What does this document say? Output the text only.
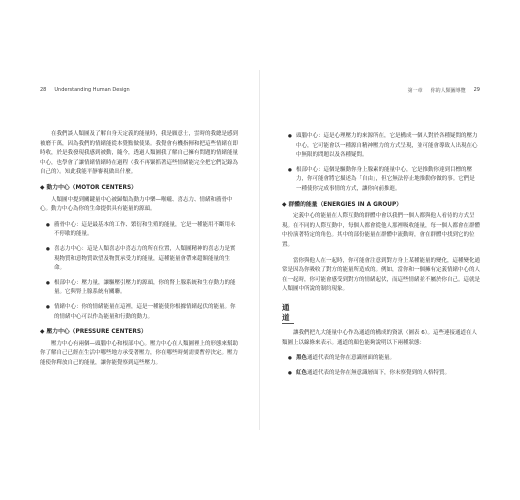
28 Understanding Human Design

在我們談人類圖及了解自身天定義的能量時，我是願意士，雲時的我總是感到被磨千萬，因為我們的情緒能從本覺點做使果。我覺會有機指揮和把這些情緒在即時收，於是我發現我感到被動，隨今，透過人類圖我了解自己擁有問題的情緒能量中心，也學會了讓情緒情緒時在過程（我不再緊抓著這些情緒能完全把它們記錄為自己的）。知此我能平靜審視做出什麼。

◆ 動力中心（MOTOR CENTERS）

人類圖中提到關鍵量中心被歸類為動力中樂—喉嚨、喜志力、情緒和薦骨中心。動力中心為你的生命提供具有能量的源頭。

● 薦骨中心：這是最基本的工作、繁衍和生殖的能量，它是一種能用不斷用永不停歇的能量。
● 喜志力中心：這是人類喜志中喜志力的所在位置，人類圖精神的喜志力是實現物質和意物質欲望及物質承受力的能量，這種能量會帶來超額能量的生命。
● 根部中心：壓力量，讓驅壓引壓力的源頭，你的腎上腺系統和生存動力的能量。它與腎上腺系統有關聯。
● 情緒中心：你的情緒能量在這裡，這是一種能使你根據情緒起伏的能量。你的情緒中心可以作為能量和行動的動力。
◆ 壓力中心（PRESSURE CENTERS）

壓力中心有兩個—頭腦中心和根部中心。壓力中心在人類圖裡上的形態來幫助你了解自己已經在生活中哪些地方承受著壓力，你在哪些時刻需要暫停決定。壓力能使你釋放自己的能量，讓你能覺察到這些壓力。

第一章 你的人類圖導覽 29
● 頭腦中心：這是心理壓力的來源所在，它是構成一個人對於各種疑問的壓力中心，它可能會以一種源自精神壓力的方式呈現，並可能會導致人出現在心中無限的問題以及各種疑問。
● 根部中心：這個是驅動你身上腺素的能量中心，它是推動你達到目標的壓力，你可能會將它描述為「自由」，但它無法停止地推動你做的事。它們是一種使你完成事情的方式，讓你向前推進。
◆ 群體的能量（ENERGIES IN A GROUP）

定義中心的能量在人際互動的群體中會以我們一個人都與他人看待的方式呈現。在不同的人際互動中，每個人都會從他人那裡吸收能量，每一個人都會在群體中扮演著特定的角色。其中的部份能量在群體中流動時，會在群體中找到它的位置。

當你與他人在一起時，你可能會注意到對方身上某種能量的變化，這種變化通常是因為你吸收了對方的能量所造成的。例如，當你和一個擁有定義情緒中心的人在一起時，你可能會感受到對方的情緒起伏，而這些情緒並不屬於你自己。這就是人類圖中所說的制約現象。

通道

讓我們把九大能量中心作為通道的構成的資訊（圖表 6）。這些連接通道在人類圖上以線條來表示。通道的顏色能夠說明以下兩種狀態：

● 黑色通道代表的是你在意識層面的能量。
● 紅色通道代表的是你在無意識層面下，你未察覺到的人格特質。
